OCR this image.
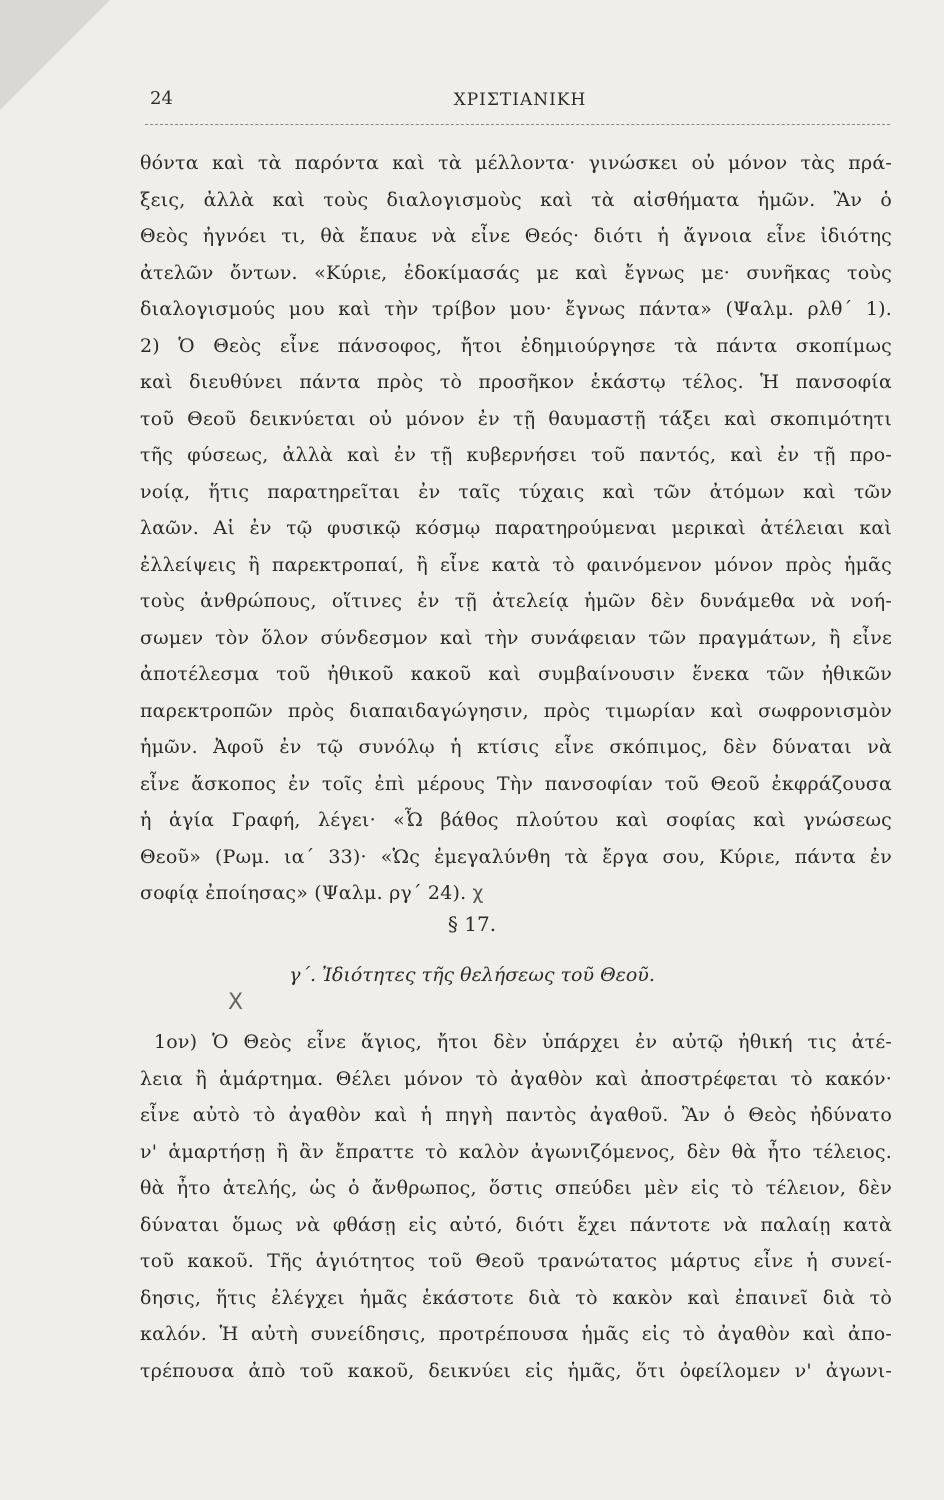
24	ΧΡΙΣΤΙΑΝΙΚΗ
θόντα καὶ τὰ παρόντα καὶ τὰ μέλλοντα· γινώσκει οὐ μόνον τὰς πρά-
ξεις, ἀλλὰ καὶ τοὺς διαλογισμοὺς καὶ τὰ αἰσθήματα ἡμῶν. Ἂν ὁ
Θεὸς ἠγνόει τι, θὰ ἔπαυε νὰ εἶνε Θεός· διότι ἡ ἄγνοια εἶνε ἰδιότης
ἀτελῶν ὄντων. «Κύριε, ἐδοκίμασάς με καὶ ἔγνως με· συνῆκας τοὺς
διαλογισμούς μου καὶ τὴν τρίβον μου· ἔγνως πάντα» (Ψαλμ. ρλθ΄ 1).
2) Ὁ Θεὸς εἶνε πάνσοφος, ἤτοι ἐδημιούργησε τὰ πάντα σκοπίμως
καὶ διευθύνει πάντα πρὸς τὸ προσῆκον ἑκάστῳ τέλος. Ἡ πανσοφία
τοῦ Θεοῦ δεικνύεται οὐ μόνον ἐν τῇ θαυμαστῇ τάξει καὶ σκοπιμότητι
τῆς φύσεως, ἀλλὰ καὶ ἐν τῇ κυβερνήσει τοῦ παντός, καὶ ἐν τῇ προ-
νοίᾳ, ἥτις παρατηρεῖται ἐν ταῖς τύχαις καὶ τῶν ἀτόμων καὶ τῶν
λαῶν. Αἱ ἐν τῷ φυσικῷ κόσμῳ παρατηρούμεναι μερικαὶ ἀτέλειαι καὶ
ἐλλείψεις ἢ παρεκτροπαί, ἢ εἶνε κατὰ τὸ φαινόμενον μόνον πρὸς ἡμᾶς
τοὺς ἀνθρώπους, οἵτινες ἐν τῇ ἀτελείᾳ ἡμῶν δὲν δυνάμεθα νὰ νοή-
σωμεν τὸν ὅλον σύνδεσμον καὶ τὴν συνάφειαν τῶν πραγμάτων, ἢ εἶνε
ἀποτέλεσμα τοῦ ἠθικοῦ κακοῦ καὶ συμβαίνουσιν ἕνεκα τῶν ἠθικῶν
παρεκτροπῶν πρὸς διαπαιδαγώγησιν, πρὸς τιμωρίαν καὶ σωφρονισμὸν
ἡμῶν. Ἀφοῦ ἐν τῷ συνόλῳ ἡ κτίσις εἶνε σκόπιμος, δὲν δύναται νὰ
εἶνε ἄσκοπος ἐν τοῖς ἐπὶ μέρους Τὴν πανσοφίαν τοῦ Θεοῦ ἐκφράζουσα
ἡ ἁγία Γραφή, λέγει· «Ὦ βάθος πλούτου καὶ σοφίας καὶ γνώσεως
Θεοῦ» (Ρωμ. ια΄ 33)· «Ὡς ἐμεγαλύνθη τὰ ἔργα σου, Κύριε, πάντα ἐν
σοφίᾳ ἐποίησας» (Ψαλμ. ργ΄ 24). χ
§ 17.
γ΄. Ἰδιότητες τῆς θελήσεως τοῦ Θεοῦ.
X
1ον) Ὁ Θεὸς εἶνε ἅγιος, ἤτοι δὲν ὑπάρχει ἐν αὐτῷ ἠθική τις ἀτέ-
λεια ἢ ἁμάρτημα. Θέλει μόνον τὸ ἀγαθὸν καὶ ἀποστρέφεται τὸ κακόν·
εἶνε αὐτὸ τὸ ἀγαθὸν καὶ ἡ πηγὴ παντὸς ἀγαθοῦ. Ἂν ὁ Θεὸς ἠδύνατο
ν' ἁμαρτήσῃ ἢ ἂν ἔπραττε τὸ καλὸν ἀγωνιζόμενος, δὲν θὰ ἦτο τέλειος.
θὰ ἦτο ἀτελής, ὡς ὁ ἄνθρωπος, ὅστις σπεύδει μὲν εἰς τὸ τέλειον, δὲν
δύναται ὅμως νὰ φθάσῃ εἰς αὐτό, διότι ἔχει πάντοτε νὰ παλαίῃ κατὰ
τοῦ κακοῦ. Τῆς ἁγιότητος τοῦ Θεοῦ τρανώτατος μάρτυς εἶνε ἡ συνεί-
δησις, ἥτις ἐλέγχει ἡμᾶς ἑκάστοτε διὰ τὸ κακὸν καὶ ἐπαινεῖ διὰ τὸ
καλόν. Ἡ αὐτὴ συνείδησις, προτρέπουσα ἡμᾶς εἰς τὸ ἀγαθὸν καὶ ἀπο-
τρέπουσα ἀπὸ τοῦ κακοῦ, δεικνύει εἰς ἡμᾶς, ὅτι ὀφείλομεν ν' ἀγωνι-
